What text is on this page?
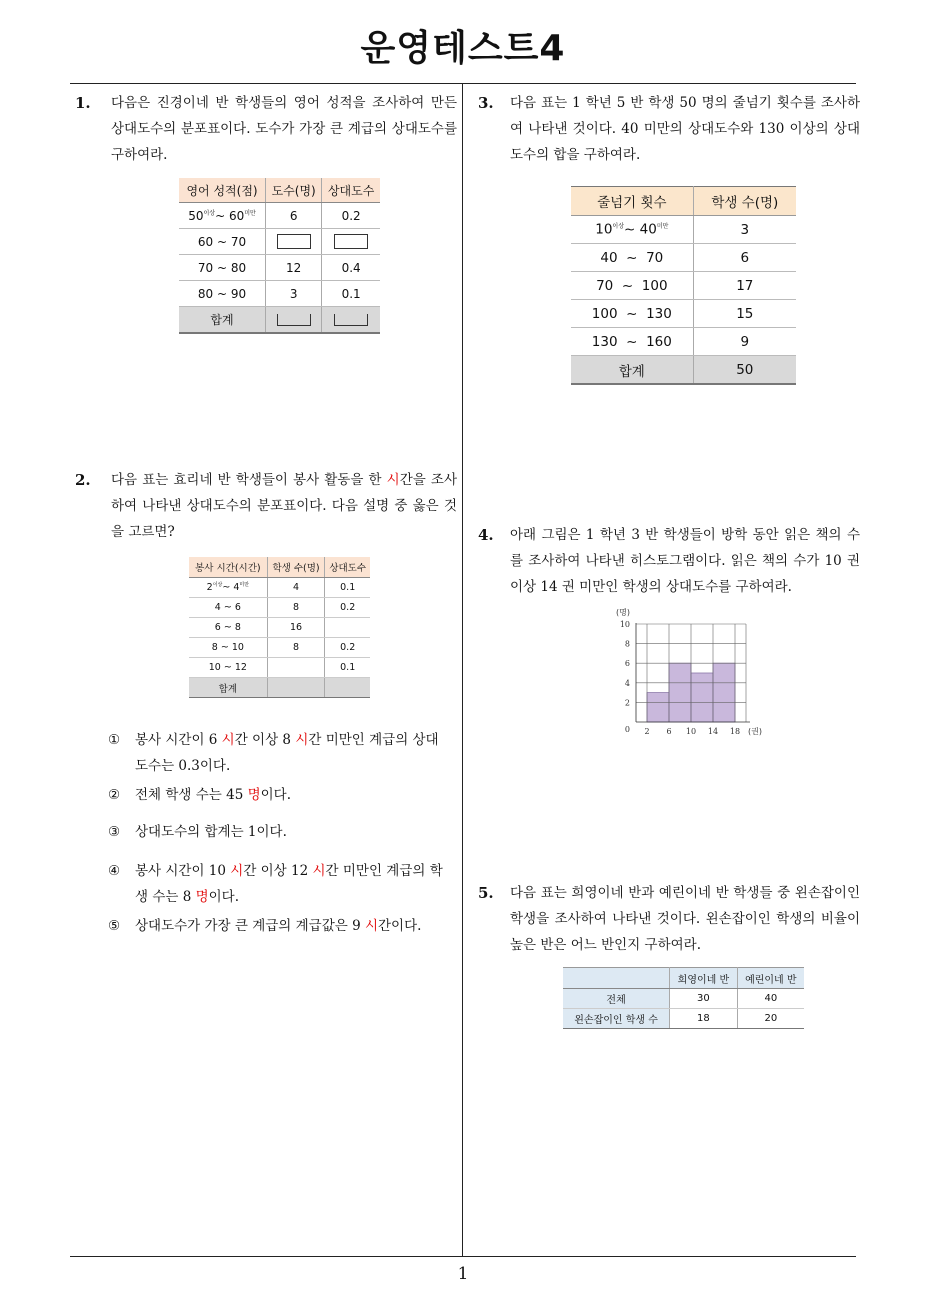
운영테스트4
1
1. 다음은 진경이네 반 학생들의 영어 성적을 조사하여 만든 상대도수의 분포표이다. 도수가 가장 큰 계급의 상대도수를 구하여라.
영어 성적(점)	도수(명)	상대도수
$50^{이상}\sim$ $60^{미만}$	6	0.2
60 ~ 70		
70 ~ 80	12	0.4
80 ~ 90	3	0.1
합계		
2. 다음 표는 효리네 반 학생들이 봉사 활동을 한 시간을 조사하여 나타낸 상대도수의 분포표이다. 다음 설명 중 옳은 것을 고르면?
봉사 시간(시간)	학생 수(명)	상대도수
$2^{이상}\sim$ $4^{미만}$	4	0.1
4 ~ 6	8	0.2
6 ~ 8	16	
8 ~ 10	8	0.2
10 ~ 12		0.1
합계		
① 봉사 시간이 6 시간 이상 8 시간 미만인 계급의 상대도수는 0.3이다.
② 전체 학생 수는 45 명이다.
③ 상대도수의 합계는 1이다.
④ 봉사 시간이 10 시간 이상 12 시간 미만인 계급의 학생 수는 8 명이다.
⑤ 상대도수가 가장 큰 계급의 계급값은 9 시간이다.
3. 다음 표는 1 학년 5 반 학생 50 명의 줄넘기 횟수를 조사하여 나타낸 것이다. 40 미만의 상대도수와 130 이상의 상대도수의 합을 구하여라.
줄넘기 횟수	학생 수(명)
$10^{이상}\sim$ $40^{미만}$	3
40  ~  70	6
70  ~  100	17
100  ~  130	15
130  ~  160	9
합계	50
4. 아래 그림은 1 학년 3 반 학생들이 방학 동안 읽은 책의 수를 조사하여 나타낸 히스토그램이다. 읽은 책의 수가 10 권 이상 14 권 미만인 학생의 상대도수를 구하여라.
0
2
4
6
8
10
2 6 10 14 18 (권)
(명)
5. 다음 표는 희영이네 반과 예린이네 반 학생들 중 왼손잡이인 학생을 조사하여 나타낸 것이다. 왼손잡이인 학생의 비율이 높은 반은 어느 반인지 구하여라.
	희영이네 반	예린이네 반
전체	30	40
왼손잡이인 학생 수	18	20
